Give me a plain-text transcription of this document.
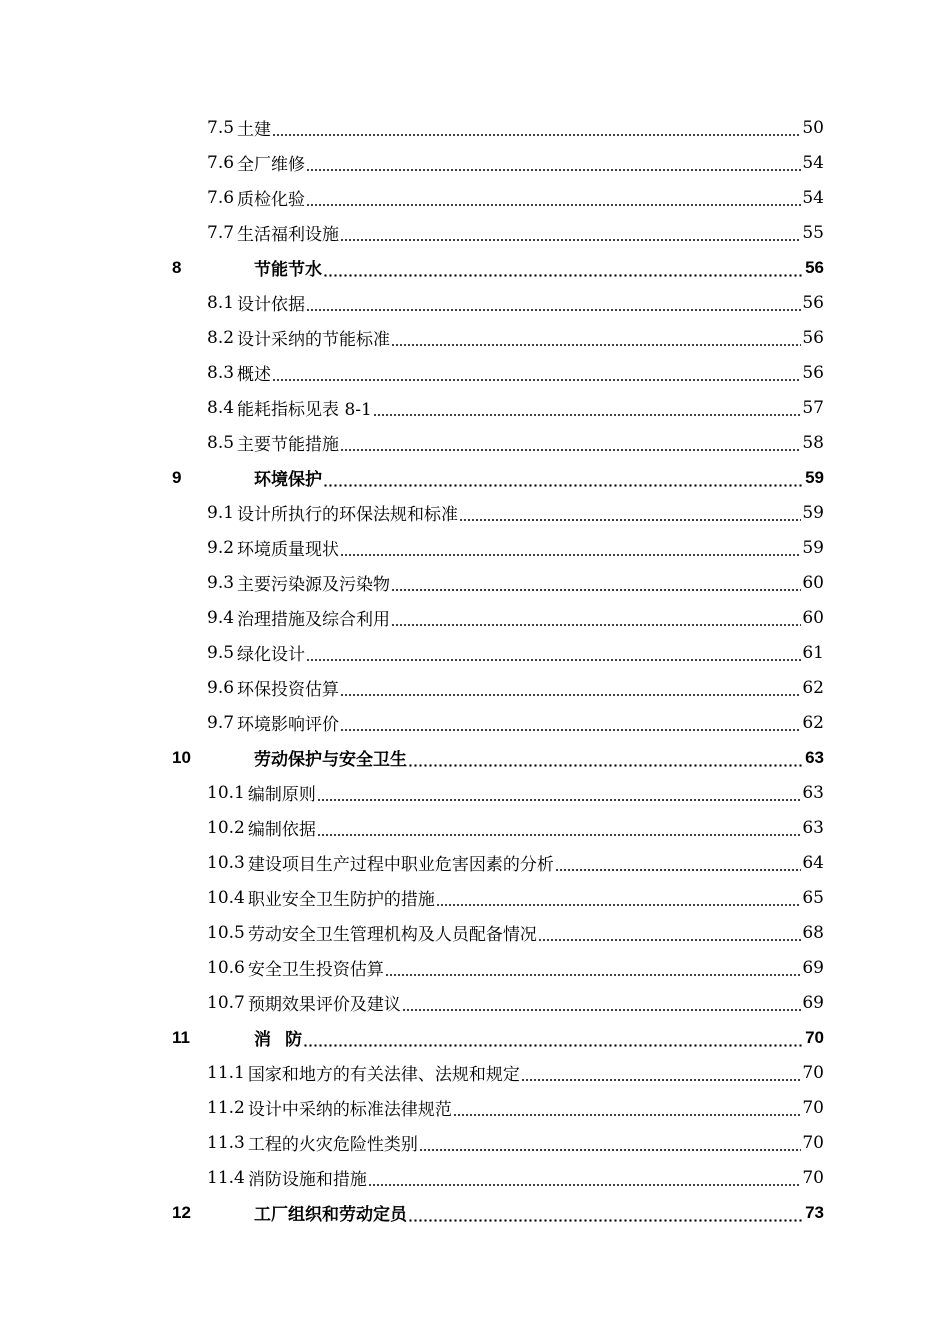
7.5 土建	50
7.6 全厂维修	54
7.6 质检化验	54
7.7 生活福利设施	55
8	节能节水	56
8.1 设计依据	56
8.2 设计采纳的节能标准	56
8.3 概述	56
8.4 能耗指标见表 8-1	57
8.5 主要节能措施	58
9	环境保护	59
9.1 设计所执行的环保法规和标准	59
9.2 环境质量现状	59
9.3 主要污染源及污染物	60
9.4 治理措施及综合利用	60
9.5 绿化设计	61
9.6 环保投资估算	62
9.7 环境影响评价	62
10	劳动保护与安全卫生	63
10.1 编制原则	63
10.2 编制依据	63
10.3 建设项目生产过程中职业危害因素的分析	64
10.4 职业安全卫生防护的措施	65
10.5 劳动安全卫生管理机构及人员配备情况	68
10.6 安全卫生投资估算	69
10.7 预期效果评价及建议	69
11	消   防	70
11.1 国家和地方的有关法律、法规和规定	70
11.2 设计中采纳的标准法律规范	70
11.3 工程的火灾危险性类别	70
11.4 消防设施和措施	70
12	工厂组织和劳动定员	73
